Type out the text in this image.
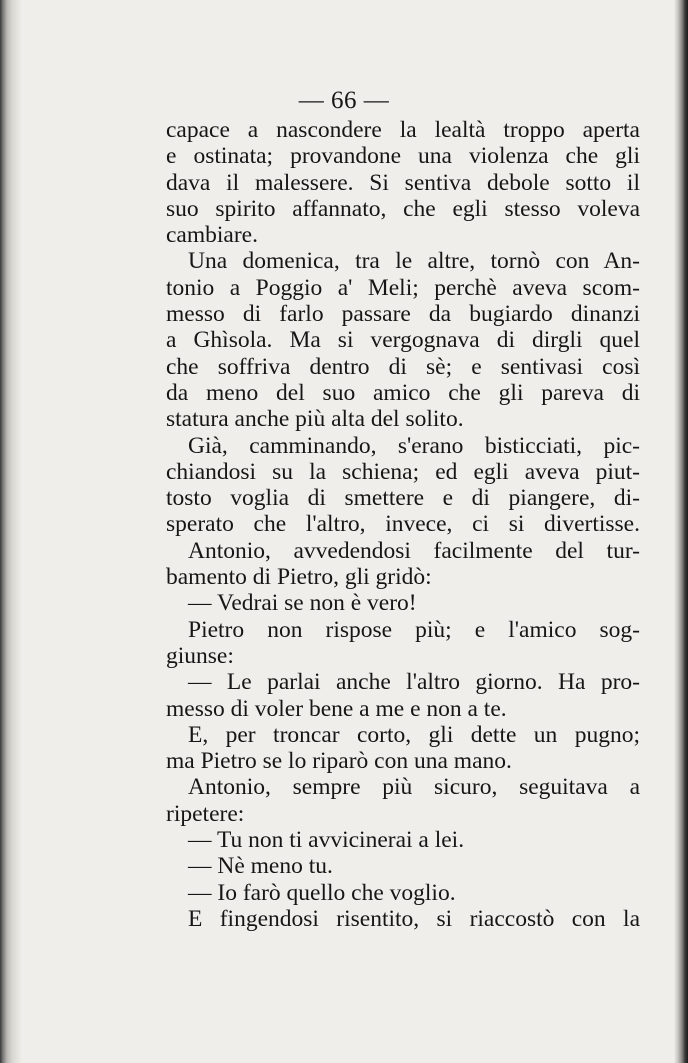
— 66 —
capace a nascondere la lealtà troppo aperta
e ostinata; provandone una violenza che gli
dava il malessere. Si sentiva debole sotto il
suo spirito affannato, che egli stesso voleva
cambiare.
Una domenica, tra le altre, tornò con An-
tonio a Poggio a' Meli; perchè aveva scom-
messo di farlo passare da bugiardo dinanzi
a Ghìsola. Ma si vergognava di dirgli quel
che soffriva dentro di sè; e sentivasi così
da meno del suo amico che gli pareva di
statura anche più alta del solito.
Già, camminando, s'erano bisticciati, pic-
chiandosi su la schiena; ed egli aveva piut-
tosto voglia di smettere e di piangere, di-
sperato che l'altro, invece, ci si divertisse.
Antonio, avvedendosi facilmente del tur-
bamento di Pietro, gli gridò:
— Vedrai se non è vero!
Pietro non rispose più; e l'amico sog-
giunse:
— Le parlai anche l'altro giorno. Ha pro-
messo di voler bene a me e non a te.
E, per troncar corto, gli dette un pugno;
ma Pietro se lo riparò con una mano.
Antonio, sempre più sicuro, seguitava a
ripetere:
— Tu non ti avvicinerai a lei.
— Nè meno tu.
— Io farò quello che voglio.
E fingendosi risentito, si riaccostò con la
